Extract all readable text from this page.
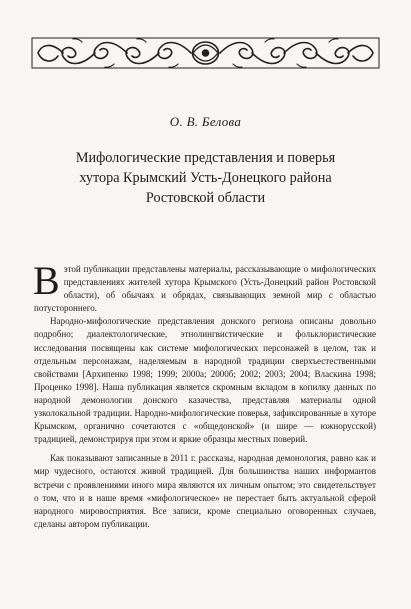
О. В. Белова
Мифологические представления и поверья
хутора Крымский Усть-Донецкого района
Ростовской области

Вэтой публикации представлены материалы, рассказывающие о мифологических представлениях жителей хутора Крымского (Усть-Донецкий район Ростовской области), об обычаях и обрядах, связывающих земной мир с областью потустороннего.

Народно-мифологические представления донского региона описаны довольно подробно; диалектологические, этнолингвистические и фольклористические исследования посвящены как системе мифологических персонажей в целом, так и отдельным персонажам, наделяемым в народной традиции сверхъестественными свойствами [Архипенко 1998; 1999; 2000a; 2000б; 2002; 2003; 2004; Власкина 1998; Проценко 1998]. Наша публикация является скромным вкладом в копилку данных по народной демонологии донского казачества, представляя материалы одной узколокальной традиции. Народно-мифологические поверья, зафиксированные в хуторе Крымском, органично сочетаются с «общедонской» (и шире — южнорусской) традицией, демонстрируя при этом и яркие образцы местных поверий.

Как показывают записанные в 2011 г. рассказы, народная демонология, равно как и мир чудесного, остаются живой традицией. Для большинства наших информантов встречи с проявлениями иного мира являются их личным опытом; это свидетельствует о том, что и в наше время «мифологическое» не перестает быть актуальной сферой народного мировосприятия. Все записи, кроме специально оговоренных случаев, сделаны автором публикации.
